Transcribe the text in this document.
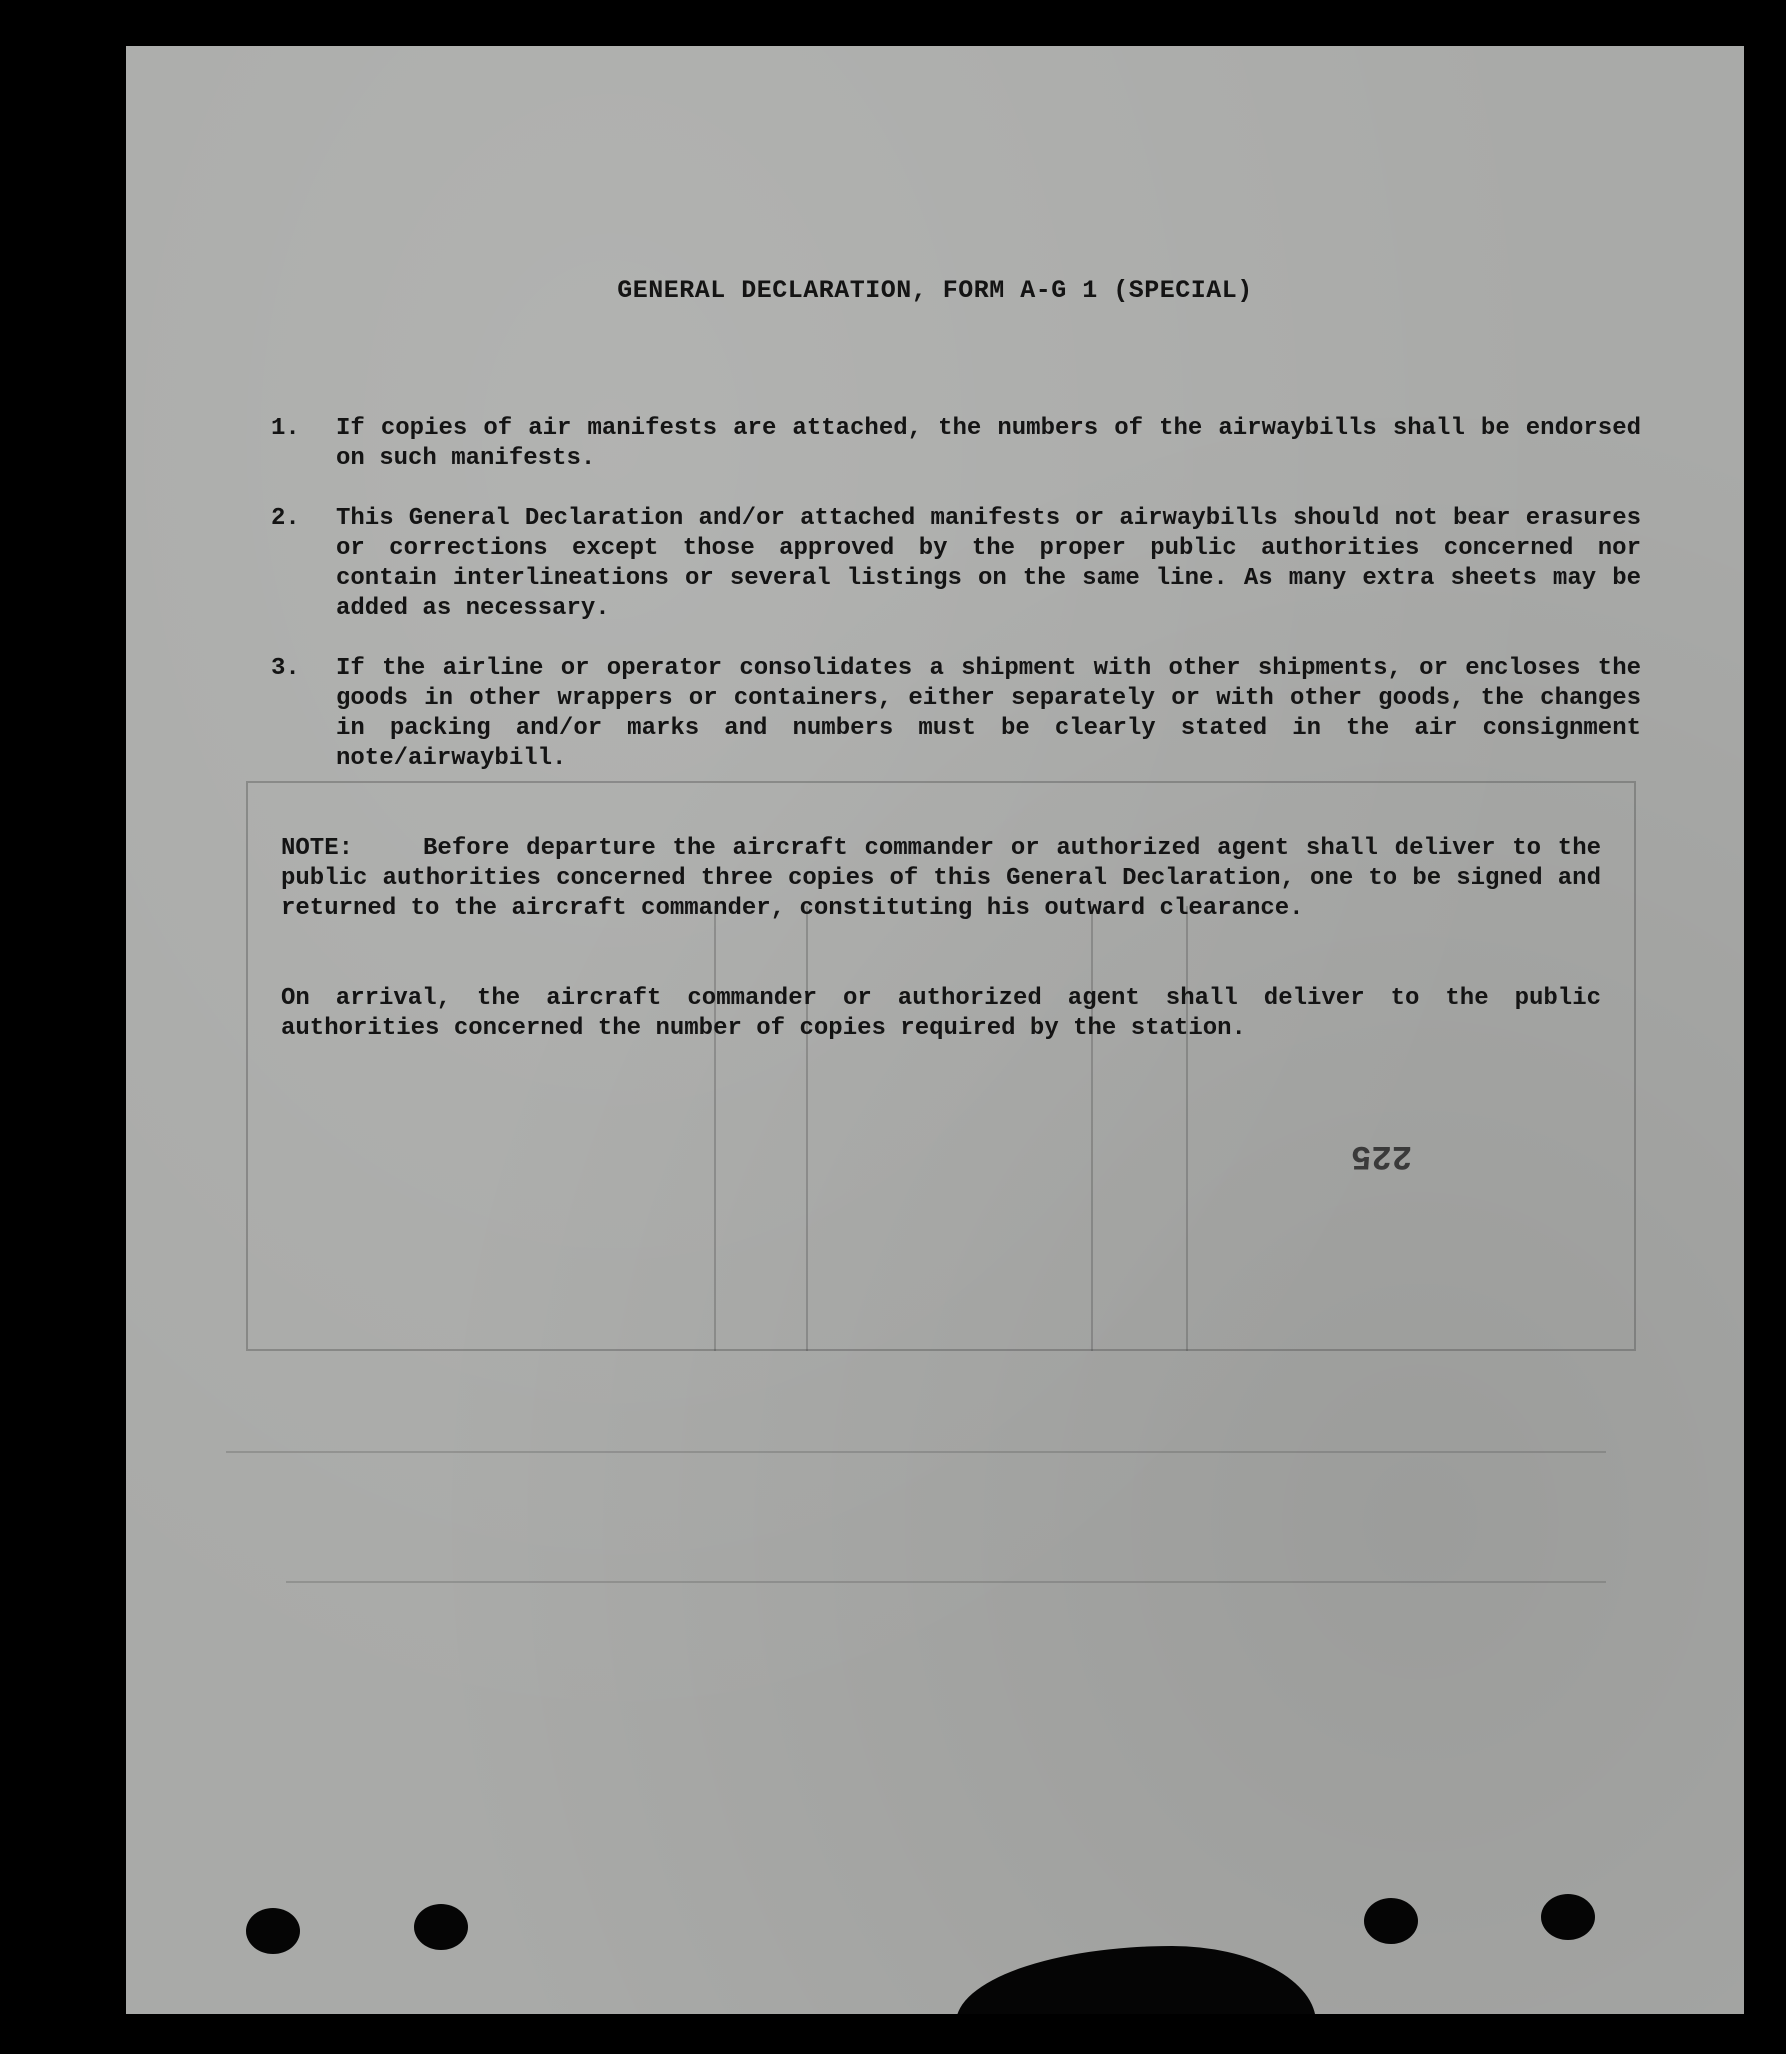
GENERAL DECLARATION, FORM A-G 1 (SPECIAL)
1.	If copies of air manifests are attached, the numbers of the airwaybills shall be endorsed on such manifests.
2.	This General Declaration and/or attached manifests or airwaybills should not bear erasures or corrections except those approved by the proper public authorities concerned nor contain interlineations or several listings on the same line. As many extra sheets may be added as necessary.
3.	If the airline or operator consolidates a shipment with other shipments, or encloses the goods in other wrappers or containers, either separately or with other goods, the changes in packing and/or marks and numbers must be clearly stated in the air consignment note/airwaybill.
NOTE:	Before departure the aircraft commander or authorized agent shall deliver to the public authorities concerned three copies of this General Declaration, one to be signed and returned to the aircraft commander, constituting his outward clearance.
On arrival, the aircraft commander or authorized agent shall deliver to the public authorities concerned the number of copies required by the station.
225
